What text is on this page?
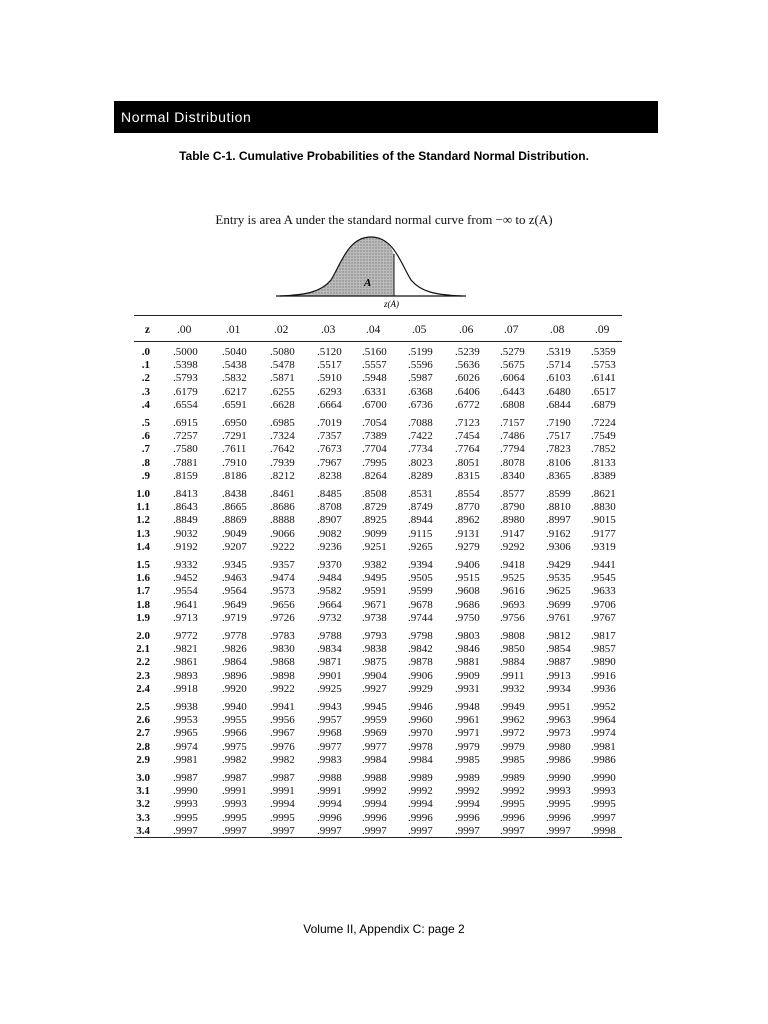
Normal Distribution
Table C-1. Cumulative Probabilities of the Standard Normal Distribution.
Entry is area A under the standard normal curve from −∞ to z(A)
A
z(A)
z .00	.01	.02	.03	.04	.05	.06	.07	.08	.09
.0 .5000 .5040 .5080 .5120 .5160 .5199 .5239 .5279 .5319 .5359
.1 .5398 .5438 .5478 .5517 .5557 .5596 .5636 .5675 .5714 .5753
.2 .5793 .5832 .5871 .5910 .5948 .5987 .6026 .6064 .6103 .6141
.3 .6179 .6217 .6255 .6293 .6331 .6368 .6406 .6443 .6480 .6517
.4 .6554 .6591 .6628 .6664 .6700 .6736 .6772 .6808 .6844 .6879
.5 .6915 .6950 .6985 .7019 .7054 .7088 .7123 .7157 .7190 .7224
.6 .7257 .7291 .7324 .7357 .7389 .7422 .7454 .7486 .7517 .7549
.7 .7580 .7611 .7642 .7673 .7704 .7734 .7764 .7794 .7823 .7852
.8 .7881 .7910 .7939 .7967 .7995 .8023 .8051 .8078 .8106 .8133
.9 .8159 .8186 .8212 .8238 .8264 .8289 .8315 .8340 .8365 .8389
1.0 .8413 .8438 .8461 .8485 .8508 .8531 .8554 .8577 .8599 .8621
1.1 .8643 .8665 .8686 .8708 .8729 .8749 .8770 .8790 .8810 .8830
1.2 .8849 .8869 .8888 .8907 .8925 .8944 .8962 .8980 .8997 .9015
1.3 .9032 .9049 .9066 .9082 .9099 .9115 .9131 .9147 .9162 .9177
1.4 .9192 .9207 .9222 .9236 .9251 .9265 .9279 .9292 .9306 .9319
1.5 .9332 .9345 .9357 .9370 .9382 .9394 .9406 .9418 .9429 .9441
1.6 .9452 .9463 .9474 .9484 .9495 .9505 .9515 .9525 .9535 .9545
1.7 .9554 .9564 .9573 .9582 .9591 .9599 .9608 .9616 .9625 .9633
1.8 .9641 .9649 .9656 .9664 .9671 .9678 .9686 .9693 .9699 .9706
1.9 .9713 .9719 .9726 .9732 .9738 .9744 .9750 .9756 .9761 .9767
2.0 .9772 .9778 .9783 .9788 .9793 .9798 .9803 .9808 .9812 .9817
2.1 .9821 .9826 .9830 .9834 .9838 .9842 .9846 .9850 .9854 .9857
2.2 .9861 .9864 .9868 .9871 .9875 .9878 .9881 .9884 .9887 .9890
2.3 .9893 .9896 .9898 .9901 .9904 .9906 .9909 .9911 .9913 .9916
2.4 .9918 .9920 .9922 .9925 .9927 .9929 .9931 .9932 .9934 .9936
2.5 .9938 .9940 .9941 .9943 .9945 .9946 .9948 .9949 .9951 .9952
2.6 .9953 .9955 .9956 .9957 .9959 .9960 .9961 .9962 .9963 .9964
2.7 .9965 .9966 .9967 .9968 .9969 .9970 .9971 .9972 .9973 .9974
2.8 .9974 .9975 .9976 .9977 .9977 .9978 .9979 .9979 .9980 .9981
2.9 .9981 .9982 .9982 .9983 .9984 .9984 .9985 .9985 .9986 .9986
3.0 .9987 .9987 .9987 .9988 .9988 .9989 .9989 .9989 .9990 .9990
3.1 .9990 .9991 .9991 .9991 .9992 .9992 .9992 .9992 .9993 .9993
3.2 .9993 .9993 .9994 .9994 .9994 .9994 .9994 .9995 .9995 .9995
3.3 .9995 .9995 .9995 .9996 .9996 .9996 .9996 .9996 .9996 .9997
3.4 .9997 .9997 .9997 .9997 .9997 .9997 .9997 .9997 .9997 .9998
Volume II, Appendix C: page 2
